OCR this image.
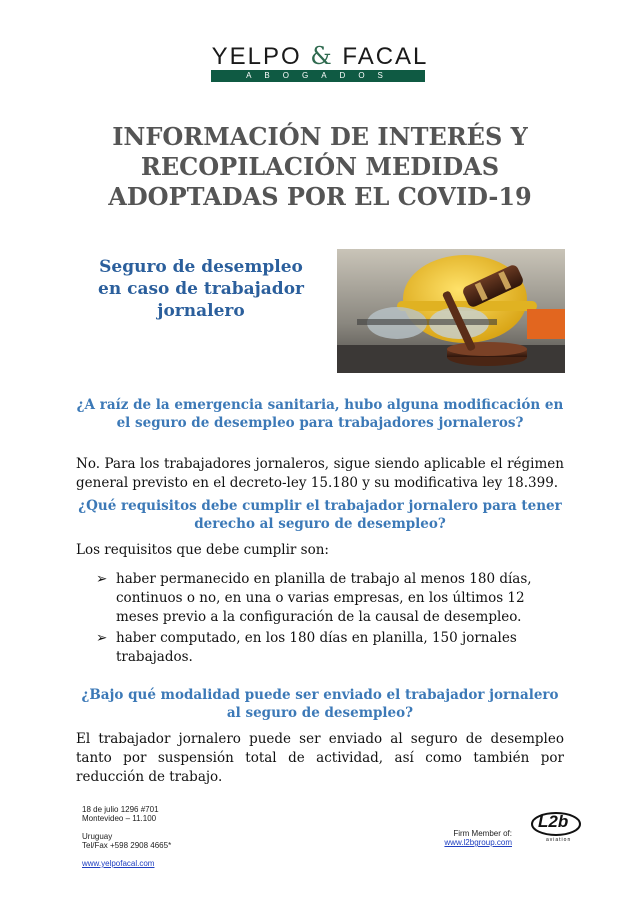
YELPO & FACAL
ABOGADOS
INFORMACIÓN DE INTERÉS Y RECOPILACIÓN MEDIDAS ADOPTADAS POR EL COVID-19
Seguro de desempleo en caso de trabajador jornalero
¿A raíz de la emergencia sanitaria, hubo alguna modificación en el seguro de desempleo para trabajadores jornaleros?
No. Para los trabajadores jornaleros, sigue siendo aplicable el régimen general previsto en el decreto-ley 15.180 y su modificativa ley 18.399.
¿Qué requisitos debe cumplir el trabajador jornalero para tener derecho al seguro de desempleo?
Los requisitos que debe cumplir son:
➢ haber permanecido en planilla de trabajo al menos 180 días, continuos o no, en una o varias empresas, en los últimos 12 meses previo a la configuración de la causal de desempleo.
➢ haber computado, en los 180 días en planilla, 150 jornales trabajados.
¿Bajo qué modalidad puede ser enviado el trabajador jornalero al seguro de desempleo?
El trabajador jornalero puede ser enviado al seguro de desempleo tanto por suspensión total de actividad, así como también por reducción de trabajo.
18 de julio 1296 #701
Montevideo – 11.100
Uruguay
Tel/Fax +598 2908 4665*
www.yelpofacal.com
Firm Member of:
www.l2bgroup.com
L2b
aviation
